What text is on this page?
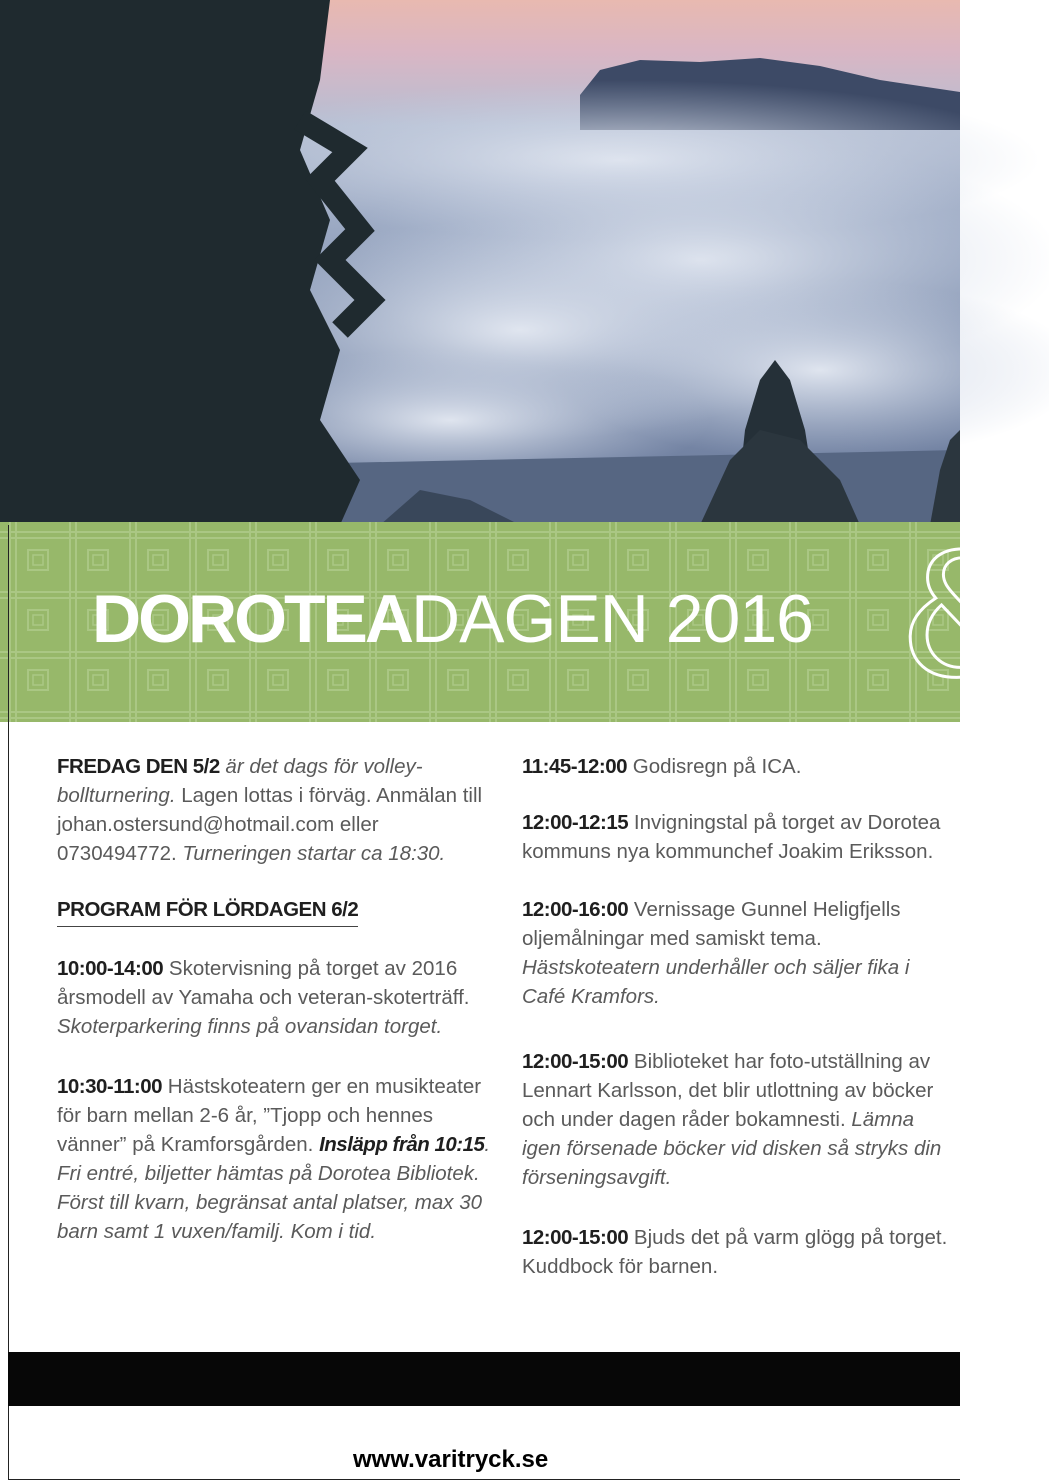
DOROTEA DAGEN 2016 &

FREDAG DEN 5/2 är det dags för volley-bollturnering. Lagen lottas i förväg. Anmälan till johan.ostersund@hotmail.com eller 0730494772. Turneringen startar ca 18:30.

PROGRAM FÖR LÖRDAGEN 6/2

10:00-14:00 Skotervisning på torget av 2016 årsmodell av Yamaha och veteran-skoterträff.
Skoterparkering finns på ovansidan torget.

10:30-11:00 Hästskoteatern ger en musikteater för barn mellan 2-6 år, ”Tjopp och hennes vänner” på Kramforsgården. Insläpp från 10:15. Fri entré, biljetter hämtas på Dorotea Bibliotek. Först till kvarn, begränsat antal platser, max 30 barn samt 1 vuxen/familj. Kom i tid.

11:45-12:00 Godisregn på ICA.

12:00-12:15 Invigningstal på torget av Dorotea kommuns nya kommunchef Joakim Eriksson.

12:00-16:00 Vernissage Gunnel Heligfjells oljemålningar med samiskt tema.
Hästskoteatern underhåller och säljer fika i Café Kramfors.

12:00-15:00 Biblioteket har foto-utställning av Lennart Karlsson, det blir utlottning av böcker och under dagen råder bokamnesti. Lämna igen försenade böcker vid disken så stryks din förseningsavgift.

12:00-15:00 Bjuds det på varm glögg på torget. Kuddbock för barnen.

www.varitryck.se
